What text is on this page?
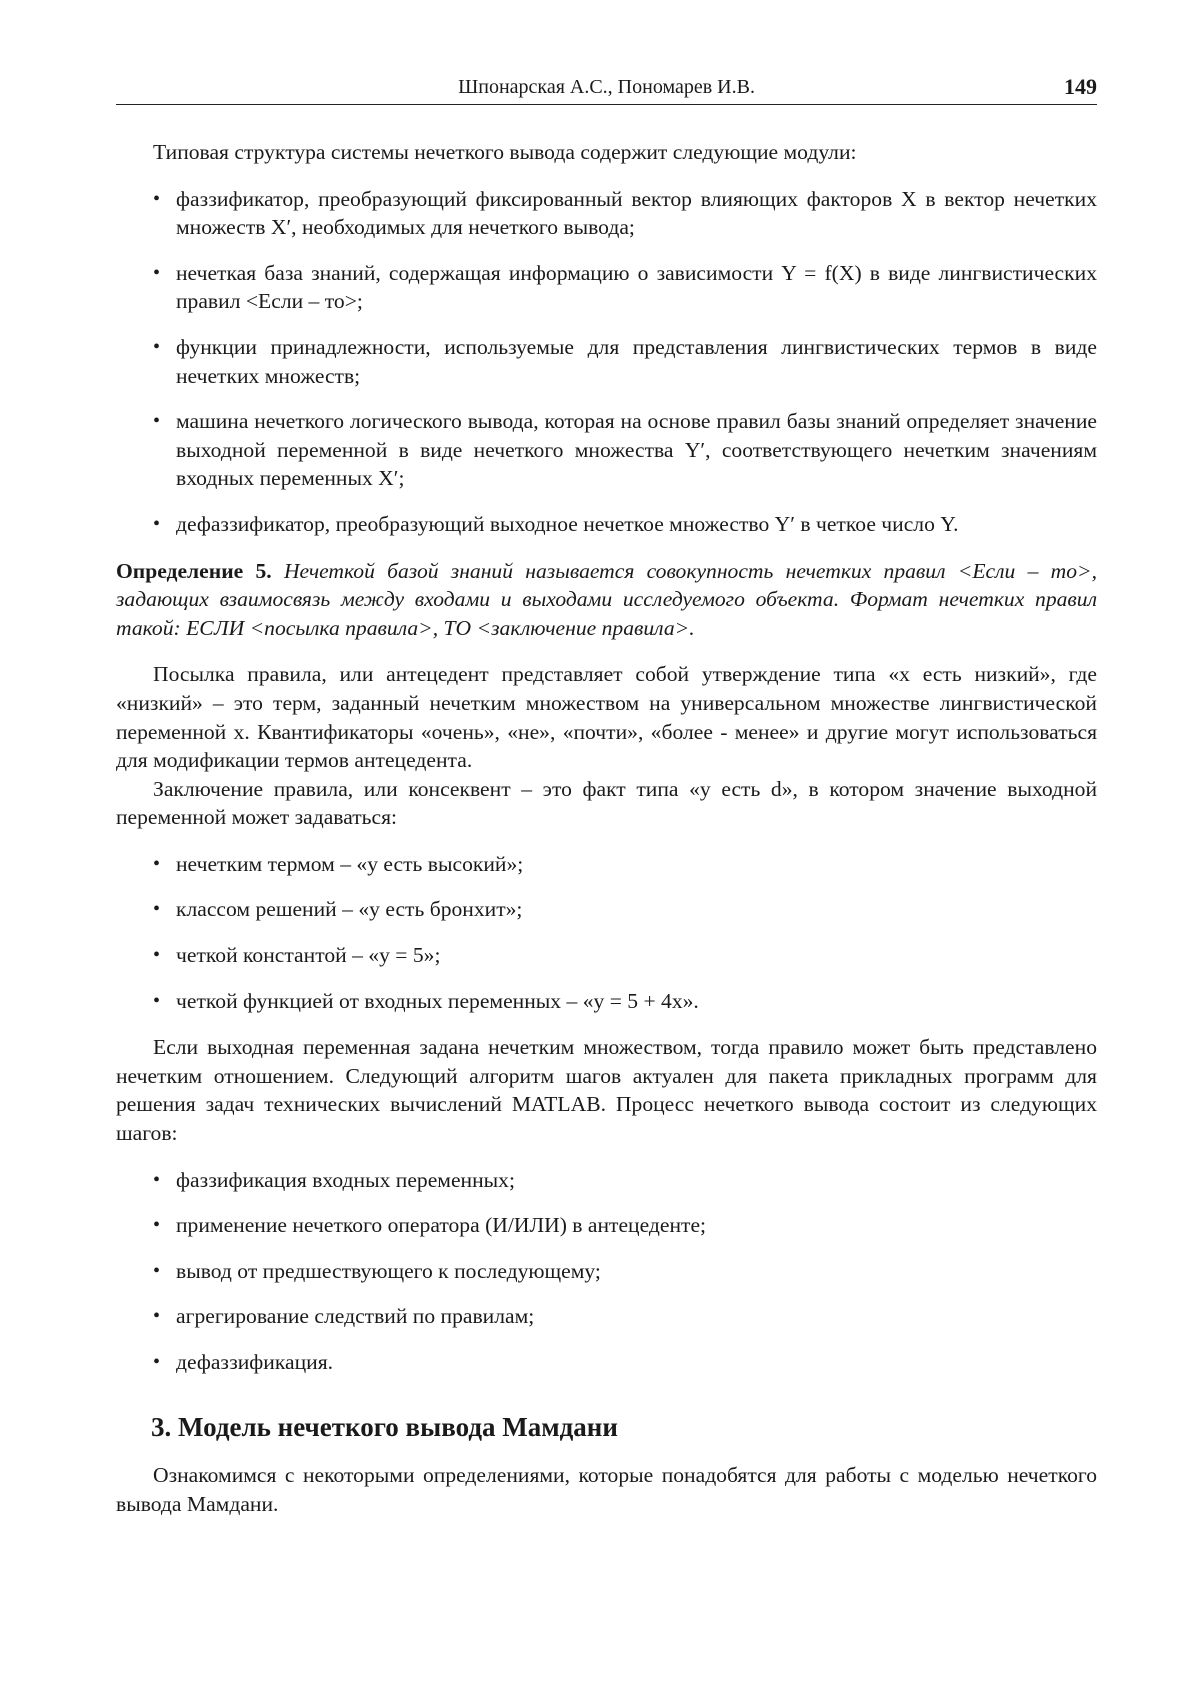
Шпонарская А.С., Пономарев И.В.	149

Типовая структура системы нечеткого вывода содержит следующие модули:

• фаззификатор, преобразующий фиксированный вектор влияющих факторов X в вектор нечетких множеств X′, необходимых для нечеткого вывода;
• нечеткая база знаний, содержащая информацию о зависимости Y = f(X) в виде лингвистических правил <Если – то>;
• функции принадлежности, используемые для представления лингвистических термов в виде нечетких множеств;
• машина нечеткого логического вывода, которая на основе правил базы знаний определяет значение выходной переменной в виде нечеткого множества Y′, соответствующего нечетким значениям входных переменных X′;
• дефаззификатор, преобразующий выходное нечеткое множество Y′ в четкое число Y.

Определение 5. Нечеткой базой знаний называется совокупность нечетких правил <Если – то>, задающих взаимосвязь между входами и выходами исследуемого объекта. Формат нечетких правил такой: ЕСЛИ <посылка правила>, ТО <заключение правила>.

Посылка правила, или антецедент представляет собой утверждение типа «x есть низкий», где «низкий» – это терм, заданный нечетким множеством на универсальном множестве лингвистической переменной x. Квантификаторы «очень», «не», «почти», «более - менее» и другие могут использоваться для модификации термов антецедента.

Заключение правила, или консеквент – это факт типа «y есть d», в котором значение выходной переменной может задаваться:

• нечетким термом – «y есть высокий»;
• классом решений – «y есть бронхит»;
• четкой константой – «y = 5»;
• четкой функцией от входных переменных – «y = 5 + 4x».

Если выходная переменная задана нечетким множеством, тогда правило может быть представлено нечетким отношением. Следующий алгоритм шагов актуален для пакета прикладных программ для решения задач технических вычислений MATLAB. Процесс нечеткого вывода состоит из следующих шагов:

• фаззификация входных переменных;
• применение нечеткого оператора (И/ИЛИ) в антецеденте;
• вывод от предшествующего к последующему;
• агрегирование следствий по правилам;
• дефаззификация.
3. Модель нечеткого вывода Мамдани

Ознакомимся с некоторыми определениями, которые понадобятся для работы с моделью нечеткого вывода Мамдани.
